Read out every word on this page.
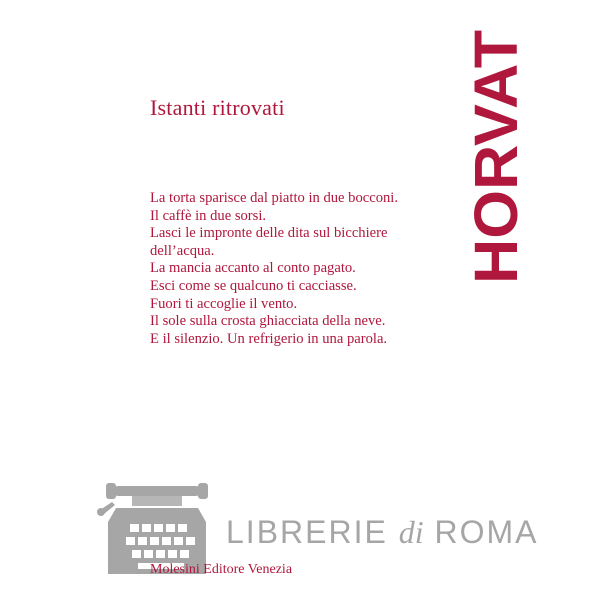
Istanti ritrovati
La torta sparisce dal piatto in due bocconi.
Il caffè in due sorsi.
Lasci le impronte delle dita sul bicchiere
dell’acqua.
La mancia accanto al conto pagato.
Esci come se qualcuno ti cacciasse.
Fuori ti accoglie il vento.
Il sole sulla crosta ghiacciata della neve.
E il silenzio. Un refrigerio in una parola.
HORVAT
LIBRERIE di ROMA
Molesini Editore Venezia
